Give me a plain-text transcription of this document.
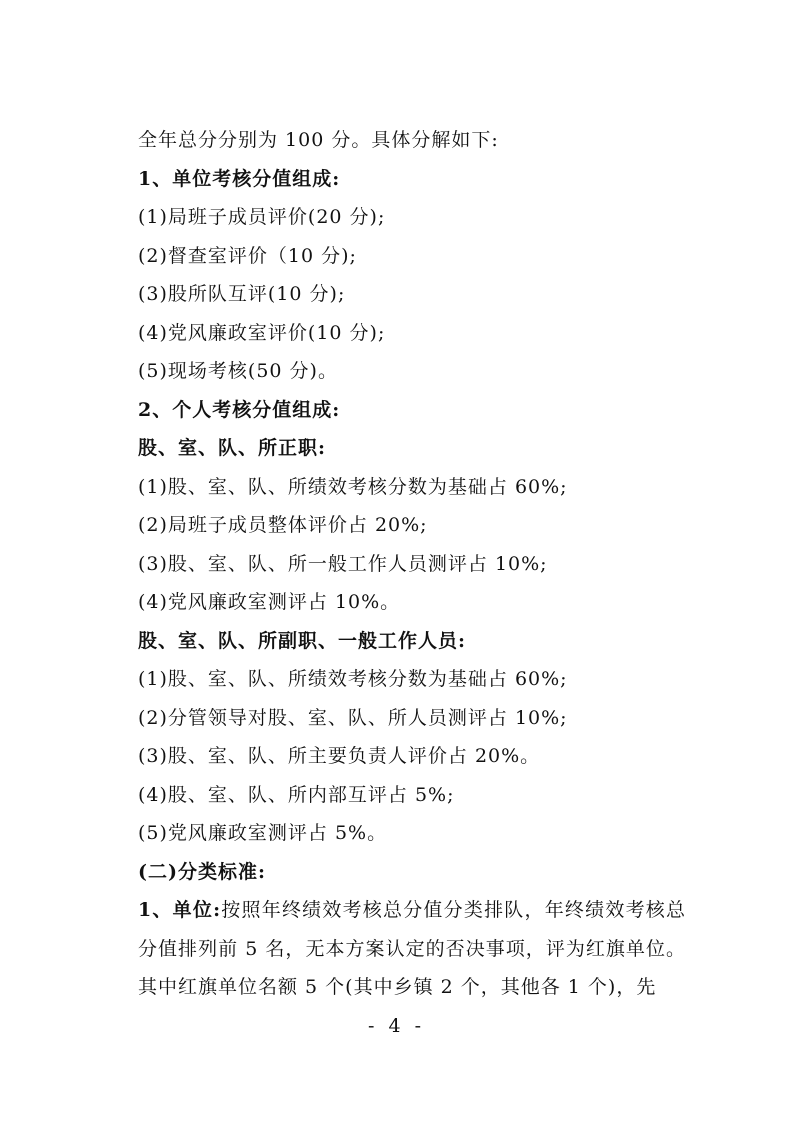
全年总分分别为 100 分。具体分解如下:
1、单位考核分值组成:
(1)局班子成员评价(20 分);
(2)督查室评价（10 分);
(3)股所队互评(10 分);
(4)党风廉政室评价(10 分);
(5)现场考核(50 分)。
2、个人考核分值组成:
股、室、队、所正职:
(1)股、室、队、所绩效考核分数为基础占 60%;
(2)局班子成员整体评价占 20%;
(3)股、室、队、所一般工作人员测评占 10%;
(4)党风廉政室测评占 10%。
股、室、队、所副职、一般工作人员:
(1)股、室、队、所绩效考核分数为基础占 60%;
(2)分管领导对股、室、队、所人员测评占 10%;
(3)股、室、队、所主要负责人评价占 20%。
(4)股、室、队、所内部互评占 5%;
(5)党风廉政室测评占 5%。
(二)分类标准:

1、单位:按照年终绩效考核总分值分类排队，年终绩效考核总分值排列前 5 名，无本方案认定的否决事项，评为红旗单位。其中红旗单位名额 5 个(其中乡镇 2 个，其他各 1 个)，先

- 4 -
